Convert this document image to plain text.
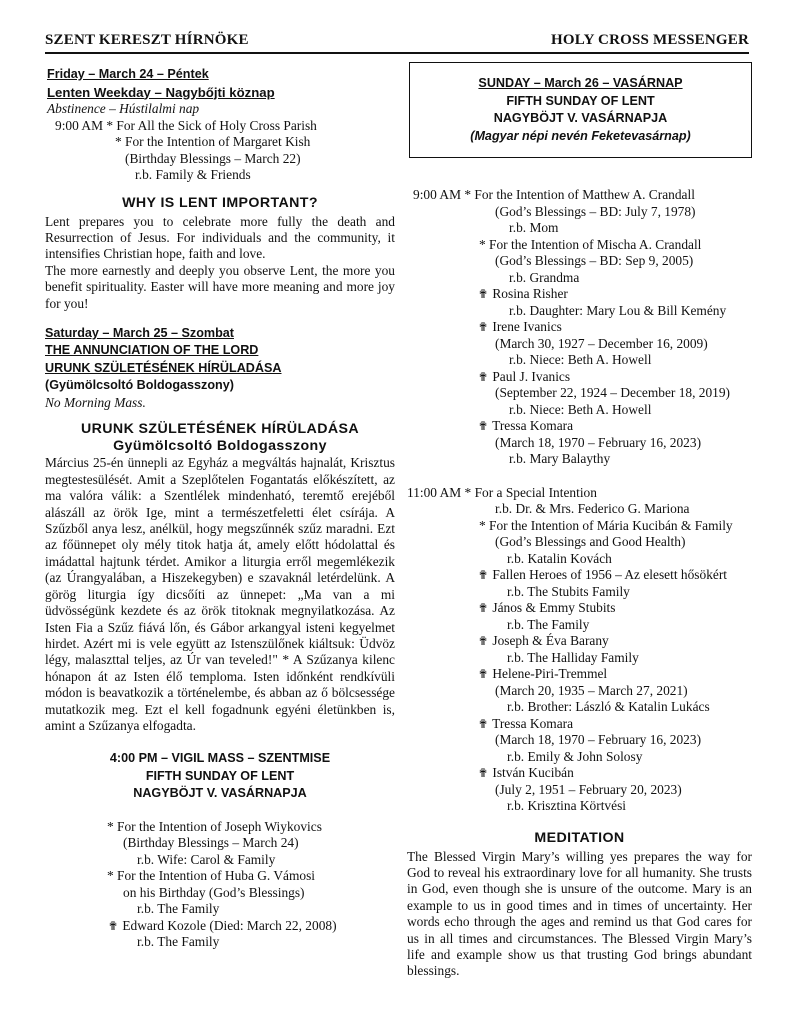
SZENT KERESZT HÍRNÖKE	HOLY CROSS MESSENGER
Friday – March 24 – Péntek
Lenten Weekday – Nagybőjti köznap
Abstinence – Hústilalmi nap
9:00 AM * For All the Sick of Holy Cross Parish
* For the Intention of Margaret Kish
(Birthday Blessings – March 22)
r.b. Family & Friends
WHY IS LENT IMPORTANT?
Lent prepares you to celebrate more fully the death and Resurrection of Jesus. For individuals and the community, it intensifies Christian hope, faith and love.
The more earnestly and deeply you observe Lent, the more you benefit spirituality. Easter will have more meaning and more joy for you!
Saturday – March 25 – Szombat
THE ANNUNCIATION OF THE LORD
URUNK SZÜLETÉSÉNEK HÍRÜLADÁSA
(Gyümölcsoltó Boldogasszony)
No Morning Mass.
URUNK SZÜLETÉSÉNEK HÍRÜLADÁSA
Gyümölcsoltó Boldogasszony
Március 25-én ünnepli az Egyház a megváltás hajnalát, Krisztus megtestesülését. Amit a Szeplőtelen Fogantatás előkészített, az ma valóra válik: a Szentlélek mindenható, teremtő erejéből alászáll az örök Ige, mint a természetfeletti élet csírája. A Szűzből anya lesz, anélkül, hogy megszűnnék szűz maradni. Ezt az főünnepet oly mély titok hatja át, amely előtt hódolattal és imádattal hajtunk térdet. Amikor a liturgia erről megemlékezik (az Úrangyalában, a Hiszekegyben) e szavaknál letérdelünk. A görög liturgia így dicsőíti az ünnepet: „Ma van a mi üdvösségünk kezdete és az örök titoknak megnyilatkozása. Az Isten Fia a Szűz fiává lőn, és Gábor arkangyal isteni kegyelmet hirdet. Azért mi is vele együtt az Istenszülőnek kiáltsuk: Üdvöz légy, malaszttal teljes, az Úr van teveled!" * A Szűzanya kilenc hónapon át az Isten élő temploma. Isten időnként rendkívüli módon is beavatkozik a történelembe, és abban az ő bölcsessége mutatkozik meg. Ezt el kell fogadnunk egyéni életünkben is, amint a Szűzanya elfogadta.
4:00 PM – VIGIL MASS – SZENTMISE
FIFTH SUNDAY OF LENT
NAGYBÖJT V. VASÁRNAPJA
* For the Intention of Joseph Wiykovics
(Birthday Blessings – March 24)
r.b. Wife: Carol & Family
* For the Intention of Huba G. Vámosi
on his Birthday (God’s Blessings)
r.b. The Family
✟ Edward Kozole (Died: March 22, 2008)
r.b. The Family
SUNDAY – March 26 – VASÁRNAP
FIFTH SUNDAY OF LENT
NAGYBÖJT V. VASÁRNAPJA
(Magyar népi nevén Feketevasárnap)
9:00 AM * For the Intention of Matthew A. Crandall
(God’s Blessings – BD: July 7, 1978)
r.b. Mom
* For the Intention of Mischa A. Crandall
(God’s Blessings – BD: Sep 9, 2005)
r.b. Grandma
✟ Rosina Risher
r.b. Daughter: Mary Lou & Bill Kemény
✟ Irene Ivanics
(March 30, 1927 – December 16, 2009)
r.b. Niece: Beth A. Howell
✟ Paul J. Ivanics
(September 22, 1924 – December 18, 2019)
r.b. Niece: Beth A. Howell
✟ Tressa Komara
(March 18, 1970 – February 16, 2023)
r.b. Mary Balaythy
11:00 AM * For a Special Intention
r.b. Dr. & Mrs. Federico G. Mariona
* For the Intention of Mária Kucibán & Family
(God’s Blessings and Good Health)
r.b. Katalin Kovách
✟ Fallen Heroes of 1956 – Az elesett hősökért
r.b. The Stubits Family
✟ János & Emmy Stubits
r.b. The Family
✟ Joseph & Éva Barany
r.b. The Halliday Family
✟ Helene-Piri-Tremmel
(March 20, 1935 – March 27, 2021)
r.b. Brother: László & Katalin Lukács
✟ Tressa Komara
(March 18, 1970 – February 16, 2023)
r.b. Emily & John Solosy
✟ István Kucibán
(July 2, 1951 – February 20, 2023)
r.b. Krisztina Körtvési
MEDITATION
The Blessed Virgin Mary’s willing yes prepares the way for God to reveal his extraordinary love for all humanity. She trusts in God, even though she is unsure of the outcome. Mary is an example to us in good times and in times of uncertainty. Her words echo through the ages and remind us that God cares for us in all times and circumstances. The Blessed Virgin Mary’s life and example show us that trusting God brings abundant blessings.
